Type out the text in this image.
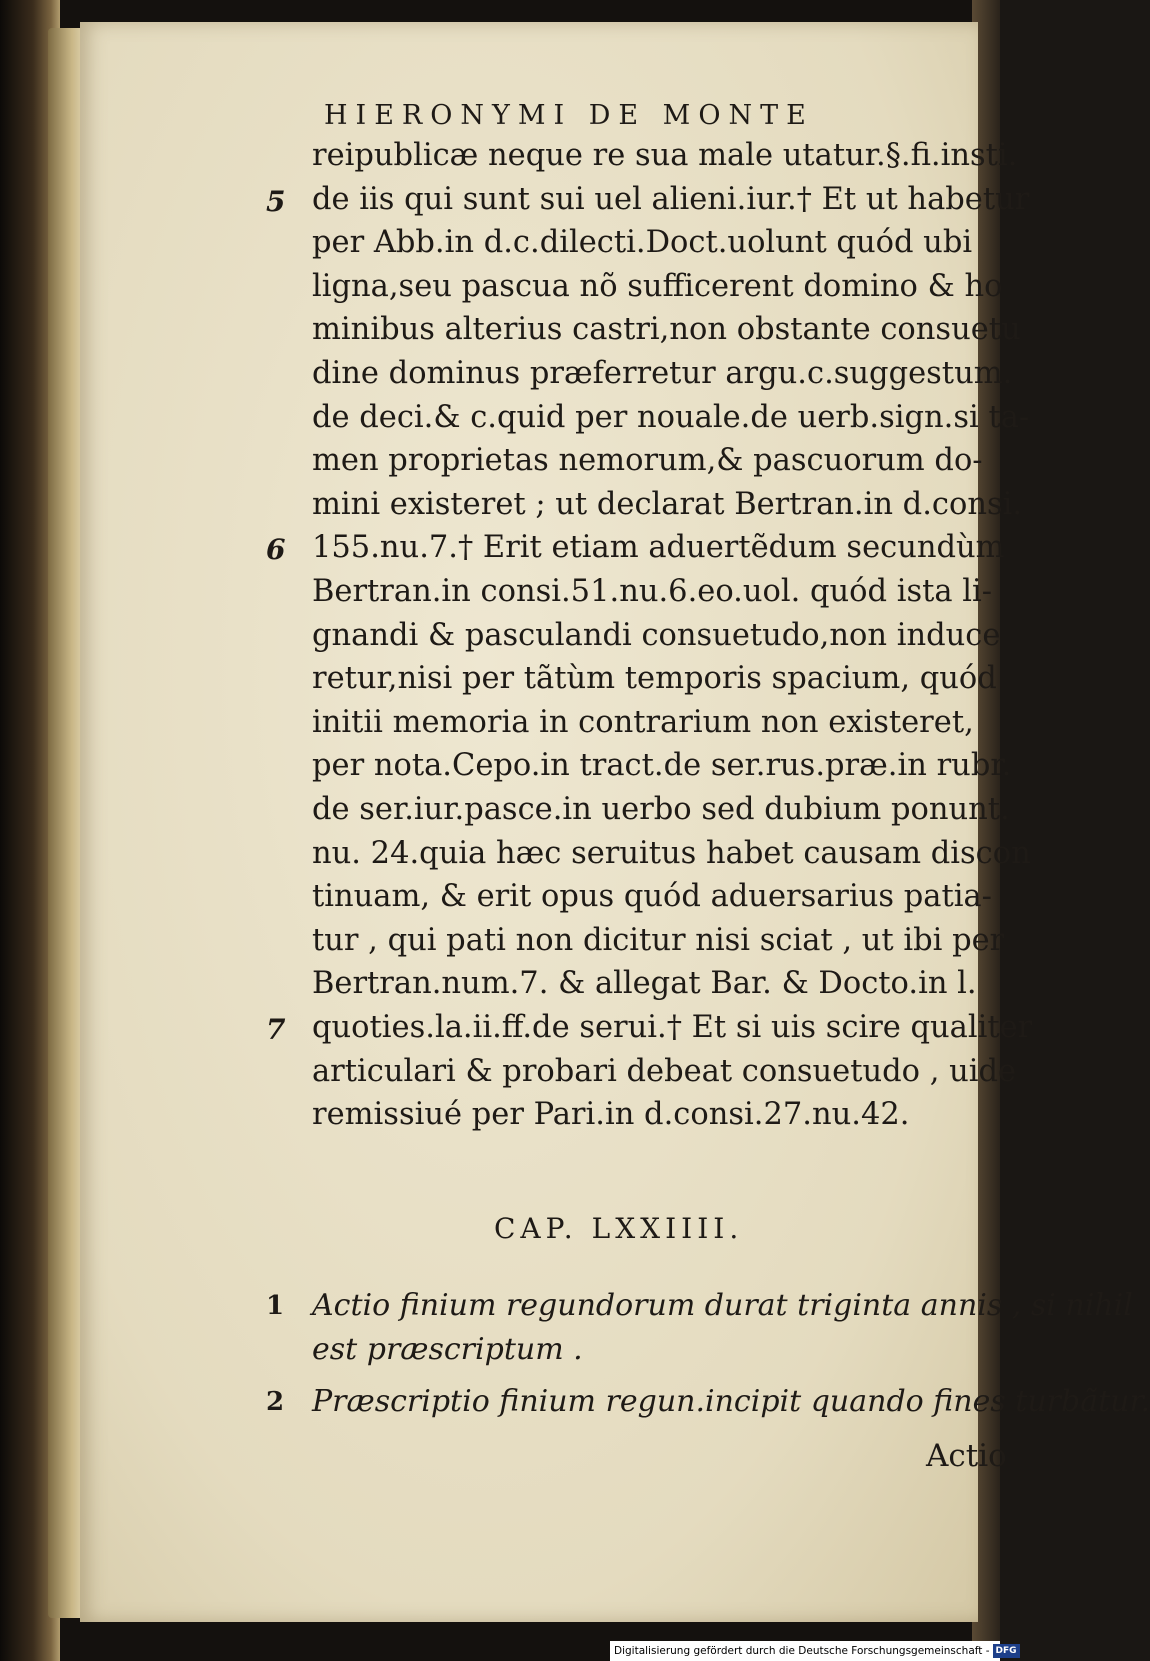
HIERONYMI DE MONTE
reipublicæ neque re sua male utatur.§.fi.insti.
de iis qui sunt sui uel alieni.iur.† Et ut habetur
per Abb.in d.c.dilecti.Doct.uolunt quód ubi
ligna,seu pascua nõ sufficerent domino & ho
minibus alterius castri,non obstante consuetu
dine dominus præferretur argu.c.suggestum.
de deci.& c.quid per nouale.de uerb.sign.si ta-
men proprietas nemorum,& pascuorum do-
mini existeret ; ut declarat Bertran.in d.consi.
155.nu.7.† Erit etiam aduertẽdum secundùm
Bertran.in consi.51.nu.6.eo.uol. quód ista li-
gnandi & pasculandi consuetudo,non induce
retur,nisi per tãtùm temporis spacium, quód
initii memoria in contrarium non existeret,
per nota.Cepo.in tract.de ser.rus.præ.in rubr.
de ser.iur.pasce.in uerbo sed dubium ponunt.
nu. 24.quia hæc seruitus habet causam discon
tinuam, & erit opus quód aduersarius patia-
tur , qui pati non dicitur nisi sciat , ut ibi per
Bertran.num.7. & allegat Bar. & Docto.in l.
quoties.la.ii.ff.de serui.† Et si uis scire qualiter
articulari & probari debeat consuetudo , uide
remissiué per Pari.in d.consi.27.nu.42.
5
6
7
CAP. LXXIIII.
1 Actio finium regundorum durat triginta annis , si nihil
est præscriptum .
2 Præscriptio finium regun.incipit quando fines turbãtur.
Actio
Digitalisierung gefördert durch die Deutsche Forschungsgemeinschaft - DFG
